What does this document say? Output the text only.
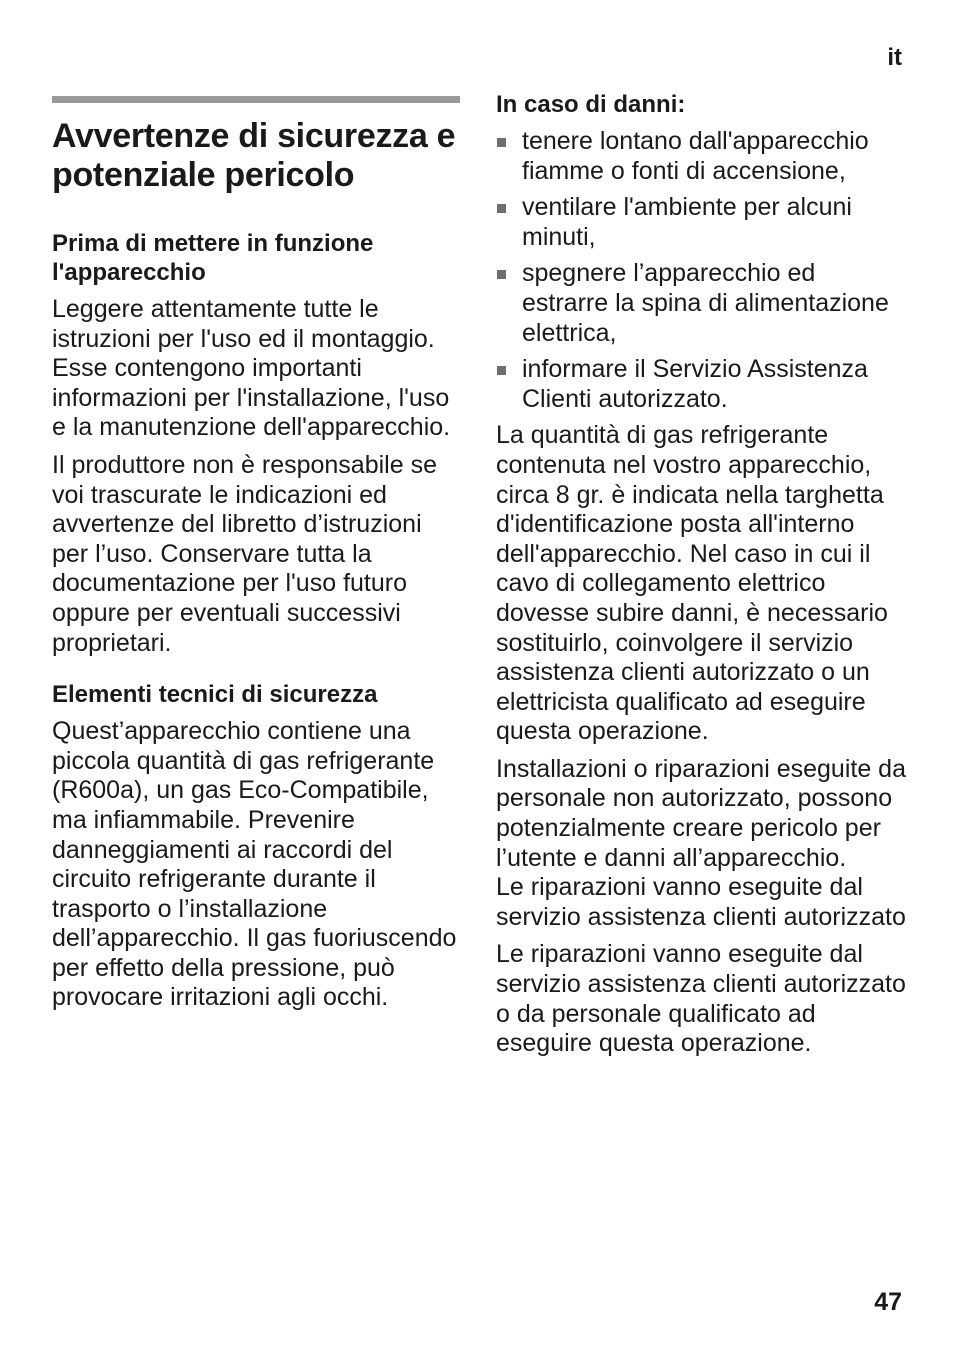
it
Avvertenze di sicurezza e potenziale pericolo
Prima di mettere in funzione l'apparecchio

Leggere attentamente tutte le istruzioni per l'uso ed il montaggio. Esse contengono importanti informazioni per l'installazione, l'uso e la manutenzione dell'apparecchio.

Il produttore non è responsabile se voi trascurate le indicazioni ed avvertenze del libretto d’istruzioni per l’uso. Conservare tutta la documentazione per l'uso futuro oppure per eventuali successivi proprietari.

Elementi tecnici di sicurezza

Quest’apparecchio contiene una piccola quantità di gas refrigerante (R600a), un gas Eco-Compatibile, ma infiammabile. Prevenire danneggiamenti ai raccordi del circuito refrigerante durante il trasporto o l’installazione dell’apparecchio. Il gas fuoriuscendo per effetto della pressione, può provocare irritazioni agli occhi.

In caso di danni:
tenere lontano dall'apparecchio fiamme o fonti di accensione,
ventilare l'ambiente per alcuni minuti,
spegnere l’apparecchio ed estrarre la spina di alimentazione elettrica,
informare il Servizio Assistenza Clienti autorizzato.

La quantità di gas refrigerante contenuta nel vostro apparecchio, circa 8 gr. è indicata nella targhetta d'identificazione posta all'interno dell'apparecchio. Nel caso in cui il cavo di collegamento elettrico dovesse subire danni, è necessario sostituirlo, coinvolgere il servizio assistenza clienti autorizzato o un elettricista qualificato ad eseguire questa operazione.

Installazioni o riparazioni eseguite da personale non autorizzato, possono potenzialmente creare pericolo per l’utente e danni all’apparecchio.

Le riparazioni vanno eseguite dal servizio assistenza clienti autorizzato

Le riparazioni vanno eseguite dal servizio assistenza clienti autorizzato o da personale qualificato ad eseguire questa operazione.

47
